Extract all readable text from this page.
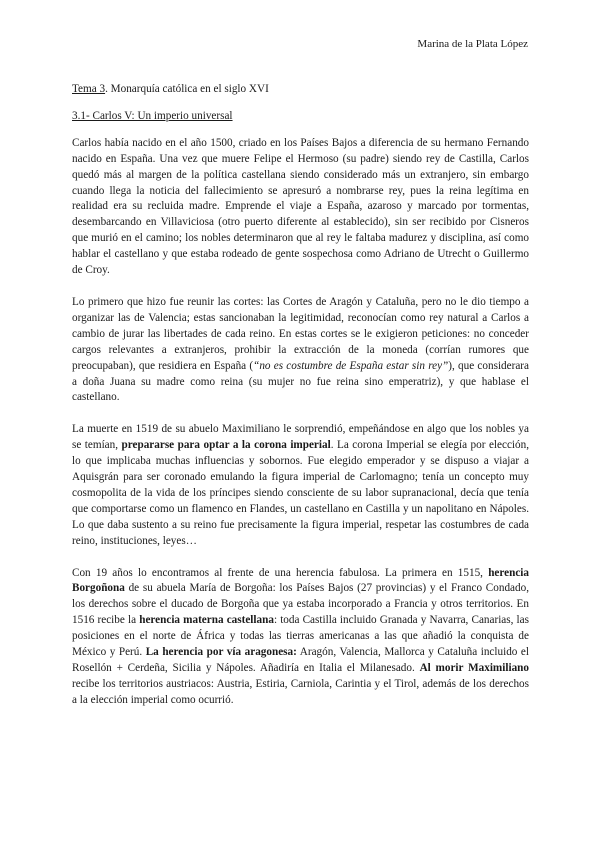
Marina de la Plata López
Tema 3. Monarquía católica en el siglo XVI
3.1- Carlos V: Un imperio universal

Carlos había nacido en el año 1500, criado en los Países Bajos a diferencia de su hermano Fernando nacido en España. Una vez que muere Felipe el Hermoso (su padre) siendo rey de Castilla, Carlos quedó más al margen de la política castellana siendo considerado más un extranjero, sin embargo cuando llega la noticia del fallecimiento se apresuró a nombrarse rey, pues la reina legítima en realidad era su recluida madre. Emprende el viaje a España, azaroso y marcado por tormentas, desembarcando en Villaviciosa (otro puerto diferente al establecido), sin ser recibido por Cisneros que murió en el camino; los nobles determinaron que al rey le faltaba madurez y disciplina, así como hablar el castellano y que estaba rodeado de gente sospechosa como Adriano de Utrecht o Guillermo de Croy.

Lo primero que hizo fue reunir las cortes: las Cortes de Aragón y Cataluña, pero no le dio tiempo a organizar las de Valencia; estas sancionaban la legitimidad, reconocían como rey natural a Carlos a cambio de jurar las libertades de cada reino. En estas cortes se le exigieron peticiones: no conceder cargos relevantes a extranjeros, prohibir la extracción de la moneda (corrían rumores que preocupaban), que residiera en España (“no es costumbre de España estar sin rey”), que considerara a doña Juana su madre como reina (su mujer no fue reina sino emperatriz), y que hablase el castellano.

La muerte en 1519 de su abuelo Maximiliano le sorprendió, empeñándose en algo que los nobles ya se temían, prepararse para optar a la corona imperial. La corona Imperial se elegía por elección, lo que implicaba muchas influencias y sobornos. Fue elegido emperador y se dispuso a viajar a Aquisgrán para ser coronado emulando la figura imperial de Carlomagno; tenía un concepto muy cosmopolita de la vida de los príncipes siendo consciente de su labor supranacional, decía que tenía que comportarse como un flamenco en Flandes, un castellano en Castilla y un napolitano en Nápoles. Lo que daba sustento a su reino fue precisamente la figura imperial, respetar las costumbres de cada reino, instituciones, leyes…

Con 19 años lo encontramos al frente de una herencia fabulosa. La primera en 1515, herencia Borgoñona de su abuela María de Borgoña: los Países Bajos (27 provincias) y el Franco Condado, los derechos sobre el ducado de Borgoña que ya estaba incorporado a Francia y otros territorios. En 1516 recibe la herencia materna castellana: toda Castilla incluido Granada y Navarra, Canarias, las posiciones en el norte de África y todas las tierras americanas a las que añadió la conquista de México y Perú. La herencia por vía aragonesa: Aragón, Valencia, Mallorca y Cataluña incluido el Rosellón + Cerdeña, Sicilia y Nápoles. Añadiría en Italia el Milanesado. Al morir Maximiliano recibe los territorios austriacos: Austria, Estiria, Carniola, Carintia y el Tirol, además de los derechos a la elección imperial como ocurrió.
